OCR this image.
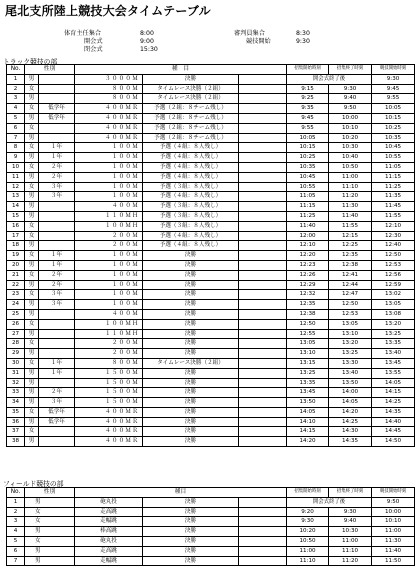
尾北支所陸上競技大会タイムテーブル
体育主任集合	8:00
開会式	9:00
閉会式	15:30
審判員集合	8:30
競技開始	9:30
トラック競技の部
No.	性別		種　目			招集開始時刻	招集終了時刻	競技開始時刻
1	男		３０００Ｍ	決勝		開会式終了後		9:30
2	女		８００Ｍ	タイムレース決勝（２組）		9:15	9:30	9:45
3	男		８００Ｍ	タイムレース決勝（２組）		9:25	9:40	9:55
4	女	低学年	４００ＭＲ	予選（２組：８チーム残し）		9:35	9:50	10:05
5	男	低学年	４００ＭＲ	予選（２組：８チーム残し）		9:45	10:00	10:15
6	女		４００ＭＲ	予選（２組：８チーム残し）		9:55	10:10	10:25
7	男		４００ＭＲ	予選（２組：８チーム残し）		10:05	10:20	10:35
8	女	１年	１００Ｍ	予選（４組：８人残し）		10:15	10:30	10:45
9	男	１年	１００Ｍ	予選（４組：８人残し）		10:25	10:40	10:55
10	女	２年	１００Ｍ	予選（４組：８人残し）		10:35	10:50	11:05
11	男	２年	１００Ｍ	予選（４組：８人残し）		10:45	11:00	11:15
12	女	３年	１００Ｍ	予選（３組：８人残し）		10:55	11:10	11:25
13	男	３年	１００Ｍ	予選（４組：８人残し）		11:05	11:20	11:35
14	男		４００Ｍ	予選（３組：８人残し）		11:15	11:30	11:45
15	男		１１０ＭＨ	予選（３組：８人残し）		11:25	11:40	11:55
16	女		１００ＭＨ	予選（３組：８人残し）		11:40	11:55	12:10
17	女		２００Ｍ	予選（４組：８人残し）		12:00	12:15	12:30
18	男		２００Ｍ	予選（４組：８人残し）		12:10	12:25	12:40
19	女	１年	１００Ｍ	決勝		12:20	12:35	12:50
20	男	１年	１００Ｍ	決勝		12:23	12:38	12:53
21	女	２年	１００Ｍ	決勝		12:26	12:41	12:56
22	男	２年	１００Ｍ	決勝		12:29	12:44	12:59
23	女	３年	１００Ｍ	決勝		12:32	12:47	13:02
24	男	３年	１００Ｍ	決勝		12:35	12:50	13:05
25	男		４００Ｍ	決勝		12:38	12:53	13:08
26	女		１００ＭＨ	決勝		12:50	13:05	13:20
27	男		１１０ＭＨ	決勝		12:55	13:10	13:25
28	女		２００Ｍ	決勝		13:05	13:20	13:35
29	男		２００Ｍ	決勝		13:10	13:25	13:40
30	女	１年	８００Ｍ	タイムレース決勝（２組）		13:15	13:30	13:45
31	男	１年	１５００Ｍ	決勝		13:25	13:40	13:55
32	男		１５００Ｍ	決勝		13:35	13:50	14:05
33	男	２年	１５００Ｍ	決勝		13:45	14:00	14:15
34	男	３年	１５００Ｍ	決勝		13:50	14:05	14:25
35	女	低学年	４００ＭＲ	決勝		14:05	14:20	14:35
36	男	低学年	４００ＭＲ	決勝		14:10	14:25	14:40
37	女		４００ＭＲ	決勝		14:15	14:30	14:45
38	男		４００ＭＲ	決勝		14:20	14:35	14:50
フィールド競技の部
No.	性別	種目			招集開始時刻	招集終了時刻	競技開始時刻
1	男	砲丸投	決勝		開会式終了後		9:50
2	女	走高跳	決勝		9:20	9:30	10:00
3	女	走幅跳	決勝		9:30	9:40	10:10
4	男	棒高跳	決勝		10:20	10:30	11:00
5	女	砲丸投	決勝		10:50	11:00	11:30
6	男	走高跳	決勝		11:00	11:10	11:40
7	男	走幅跳	決勝		11:10	11:20	11:50
